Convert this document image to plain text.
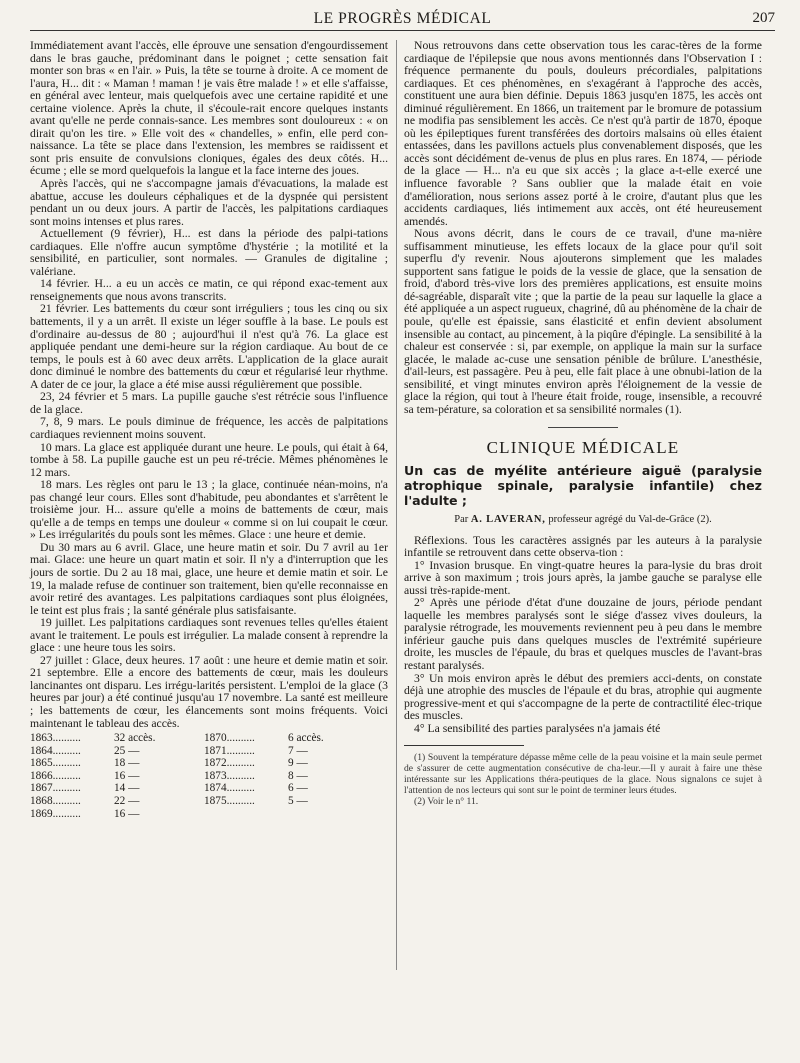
LE PROGRÈS MÉDICAL	207

Immédiatement avant l'accès, elle éprouve une sensation d'engourdissement dans le bras gauche, prédominant dans le poignet ; cette sensation fait monter son bras « en l'air. » Puis, la tête se tourne à droite. A ce moment de l'aura, H... dit : « Maman ! maman ! je vais être malade ! » et elle s'affaisse, en général avec lenteur, mais quelquefois avec une certaine rapidité et une certaine violence. Après la chute, il s'écoule-rait encore quelques instants avant qu'elle ne perde connais-sance. Les membres sont douloureux : « on dirait qu'on les tire. » Elle voit des « chandelles, » enfin, elle perd con-naissance. La tête se place dans l'extension, les membres se raidissent et sont pris ensuite de convulsions cloniques, égales des deux côtés. H... écume ; elle se mord quelquefois la langue et la face interne des joues.

Après l'accès, qui ne s'accompagne jamais d'évacuations, la malade est abattue, accuse les douleurs céphaliques et de la dyspnée qui persistent pendant un ou deux jours. A partir de l'accès, les palpitations cardiaques sont moins intenses et plus rares.

Actuellement (9 février), H... est dans la période des palpi-tations cardiaques. Elle n'offre aucun symptôme d'hystérie ; la motilité et la sensibilité, en particulier, sont normales. — Granules de digitaline ; valériane.

14 février. H... a eu un accès ce matin, ce qui répond exac-tement aux renseignements que nous avons transcrits.

21 février. Les battements du cœur sont irréguliers ; tous les cinq ou six battements, il y a un arrêt. Il existe un léger souffle à la base. Le pouls est d'ordinaire au-dessus de 80 ; aujourd'hui il n'est qu'à 76. La glace est appliquée pendant une demi-heure sur la région cardiaque. Au bout de ce temps, le pouls est à 60 avec deux arrêts. L'application de la glace aurait donc diminué le nombre des battements du cœur et régularisé leur rhythme. A dater de ce jour, la glace a été mise aussi régulièrement que possible.

23, 24 février et 5 mars. La pupille gauche s'est rétrécie sous l'influence de la glace.

7, 8, 9 mars. Le pouls diminue de fréquence, les accès de palpitations cardiaques reviennent moins souvent.

10 mars. La glace est appliquée durant une heure. Le pouls, qui était à 64, tombe à 58. La pupille gauche est un peu ré-trécie. Mêmes phénomènes le 12 mars.

18 mars. Les règles ont paru le 13 ; la glace, continuée néan-moins, n'a pas changé leur cours. Elles sont d'habitude, peu abondantes et s'arrêtent le troisième jour. H... assure qu'elle a moins de battements de cœur, mais qu'elle a de temps en temps une douleur « comme si on lui coupait le cœur. » Les irrégularités du pouls sont les mêmes. Glace : une heure et demie.

Du 30 mars au 6 avril. Glace, une heure matin et soir. Du 7 avril au 1er mai. Glace: une heure un quart matin et soir. Il n'y a d'interruption que les jours de sortie. Du 2 au 18 mai, glace, une heure et demie matin et soir. Le 19, la malade refuse de continuer son traitement, bien qu'elle reconnaisse en avoir retiré des avantages. Les palpitations cardiaques sont plus éloignées, le teint est plus frais ; la santé générale plus satisfaisante.

19 juillet. Les palpitations cardiaques sont revenues telles qu'elles étaient avant le traitement. Le pouls est irrégulier. La malade consent à reprendre la glace : une heure tous les soirs.

27 juillet : Glace, deux heures. 17 août : une heure et demie matin et soir. 21 septembre. Elle a encore des battements de cœur, mais les douleurs lancinantes ont disparu. Les irrégu-larités persistent. L'emploi de la glace (3 heures par jour) a été continué jusqu'au 17 novembre. La santé est meilleure ; les battements de cœur, les élancements sont moins fréquents. Voici maintenant le tableau des accès.

1863..........	32 accès.	1870..........	6 accès.
1864..........	25 —	1871..........	7 —
1865..........	18 —	1872..........	9 —
1866..........	16 —	1873..........	8 —
1867..........	14 —	1874..........	6 —
1868..........	22 —	1875..........	5 —
1869..........	16 —		

Nous retrouvons dans cette observation tous les carac-tères de la forme cardiaque de l'épilepsie que nous avons mentionnés dans l'Observation I : fréquence permanente du pouls, douleurs précordiales, palpitations cardiaques. Et ces phénomènes, en s'exagérant à l'approche des accès, constituent une aura bien définie. Depuis 1863 jusqu'en 1875, les accès ont diminué régulièrement. En 1866, un traitement par le bromure de potassium ne modifia pas sensiblement les accès. Ce n'est qu'à partir de 1870, époque où les épileptiques furent transférées des dortoirs malsains où elles étaient entassées, dans les pavillons actuels plus convenablement disposés, que les accès sont décidément de-venus de plus en plus rares. En 1874, — période de la glace — H... n'a eu que six accès ; la glace a-t-elle exercé une influence favorable ? Sans oublier que la malade était en voie d'amélioration, nous serions assez porté à le croire, d'autant plus que les accidents cardiaques, liés intimement aux accès, ont été heureusement amendés.

Nous avons décrit, dans le cours de ce travail, d'une ma-nière suffisamment minutieuse, les effets locaux de la glace pour qu'il soit superflu d'y revenir. Nous ajouterons simplement que les malades supportent sans fatigue le poids de la vessie de glace, que la sensation de froid, d'abord très-vive lors des premières applications, est ensuite moins dé-sagréable, disparaît vite ; que la partie de la peau sur laquelle la glace a été appliquée a un aspect rugueux, chagriné, dû au phénomène de la chair de poule, qu'elle est épaissie, sans élasticité et enfin devient absolument insensible au contact, au pincement, à la piqûre d'épingle. La sensibilité à la chaleur est conservée : si, par exemple, on applique la main sur la surface glacée, le malade ac-cuse une sensation pénible de brûlure. L'anesthésie, d'ail-leurs, est passagère. Peu à peu, elle fait place à une obnubi-lation de la sensibilité, et vingt minutes environ après l'éloignement de la vessie de glace la région, qui tout à l'heure était froide, rouge, insensible, a recouvré sa tem-pérature, sa coloration et sa sensibilité normales (1).

CLINIQUE MÉDICALE
Un cas de myélite antérieure aiguë (paralysie atrophique spinale, paralysie infantile) chez l'adulte ;
Par A. LAVERAN, professeur agrégé du Val-de-Grâce (2).

Réflexions. Tous les caractères assignés par les auteurs à la paralysie infantile se retrouvent dans cette observa-tion :

1° Invasion brusque. En vingt-quatre heures la para-lysie du bras droit arrive à son maximum ; trois jours après, la jambe gauche se paralyse elle aussi très-rapide-ment.

2° Après une période d'état d'une douzaine de jours, période pendant laquelle les membres paralysés sont le siége d'assez vives douleurs, la paralysie rétrograde, les mouvements reviennent peu à peu dans le membre inférieur gauche puis dans quelques muscles de l'extrémité supérieure droite, les muscles de l'épaule, du bras et quelques muscles de l'avant-bras restant paralysés.

3° Un mois environ après le début des premiers acci-dents, on constate déjà une atrophie des muscles de l'épaule et du bras, atrophie qui augmente progressive-ment et qui s'accompagne de la perte de contractilité élec-trique des muscles.

4° La sensibilité des parties paralysées n'a jamais été

(1) Souvent la température dépasse même celle de la peau voisine et la main seule permet de s'assurer de cette augmentation consécutive de cha-leur.—Il y aurait à faire une thèse intéressante sur les Applications théra-peutiques de la glace. Nous signalons ce sujet à l'attention de nos lecteurs qui sont sur le point de terminer leurs études.

(2) Voir le n° 11.
